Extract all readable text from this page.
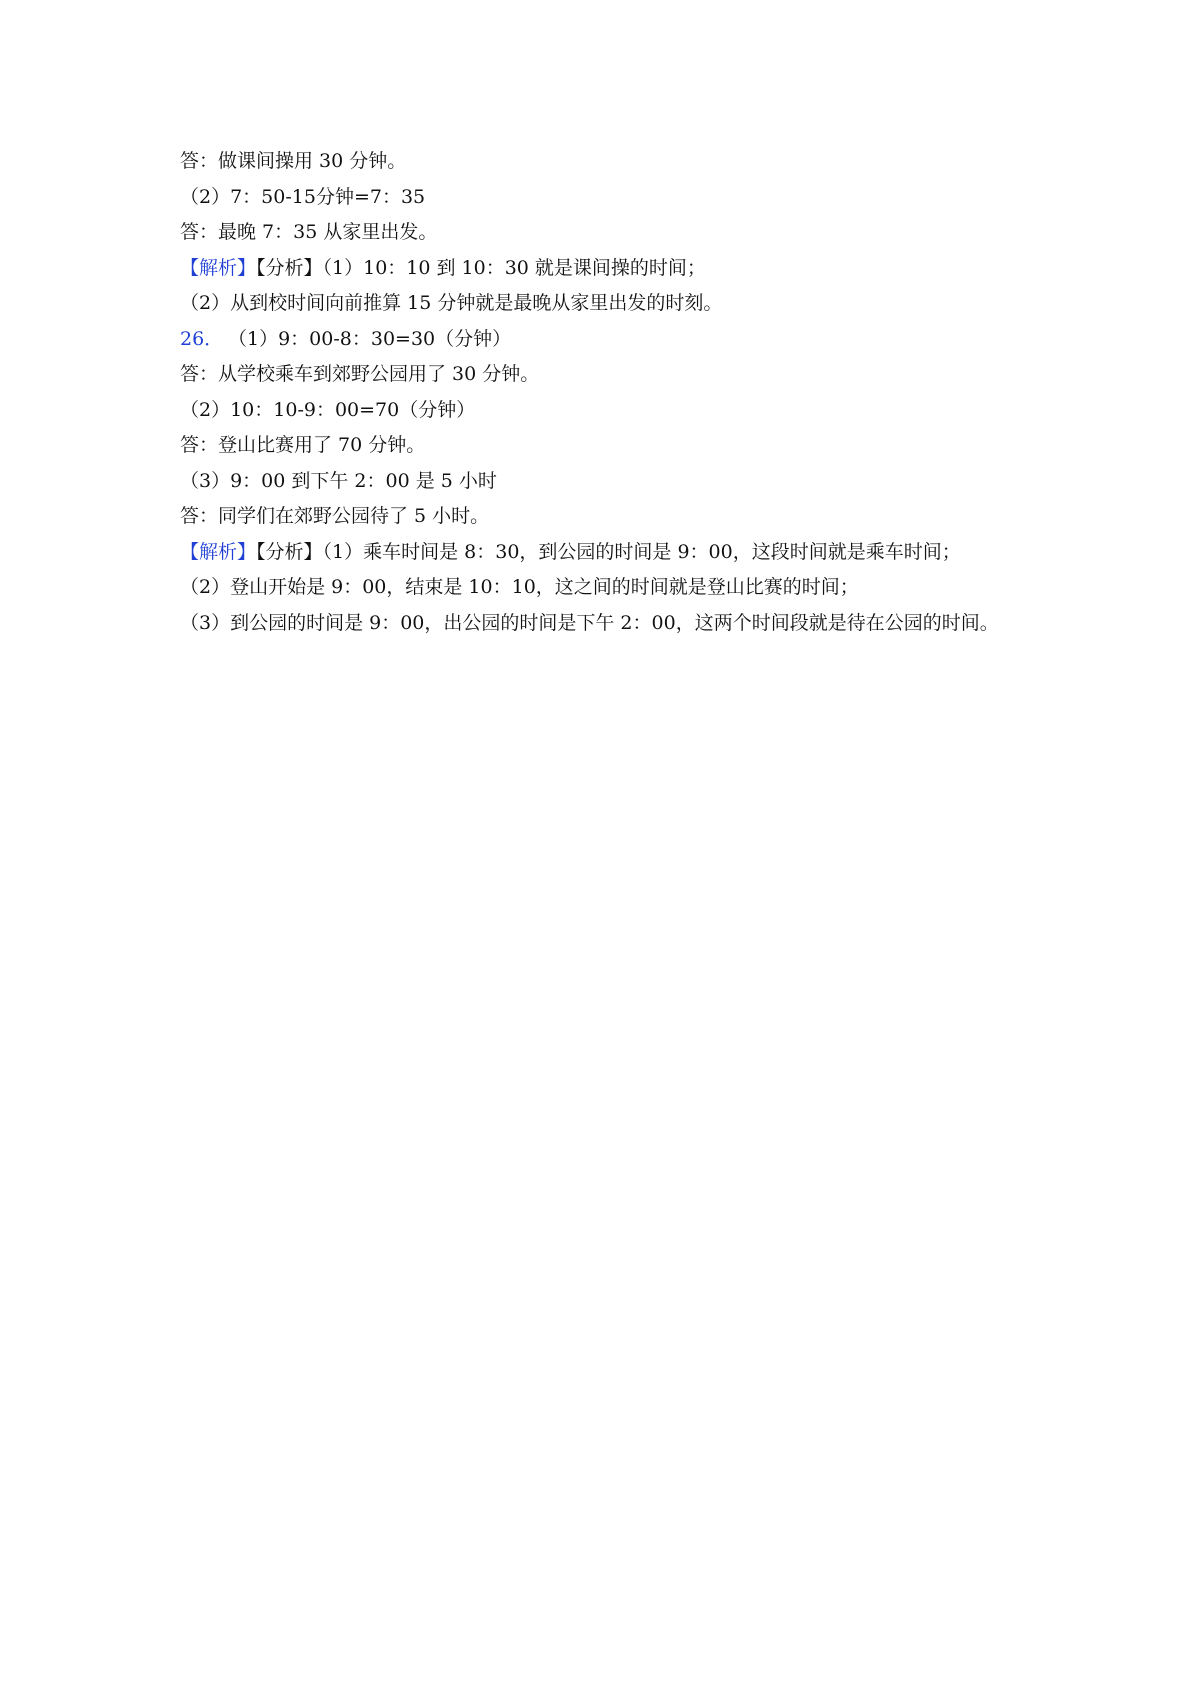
答：做课间操用 30 分钟。
（2）7：50-15分钟=7：35
答：最晚 7：35 从家里出发。
【解析】【分析】（1）10：10 到 10：30 就是课间操的时间；
（2）从到校时间向前推算 15 分钟就是最晚从家里出发的时刻。
26． （1）9：00-8：30=30（分钟）
答：从学校乘车到郊野公园用了 30 分钟。
（2）10：10-9：00=70（分钟）
答：登山比赛用了 70 分钟。
（3）9：00 到下午 2：00 是 5 小时
答：同学们在郊野公园待了 5 小时。
【解析】【分析】（1）乘车时间是 8：30，到公园的时间是 9：00，这段时间就是乘车时间；
（2）登山开始是 9：00，结束是 10：10，这之间的时间就是登山比赛的时间；
（3）到公园的时间是 9：00，出公园的时间是下午 2：00，这两个时间段就是待在公园的时间。
